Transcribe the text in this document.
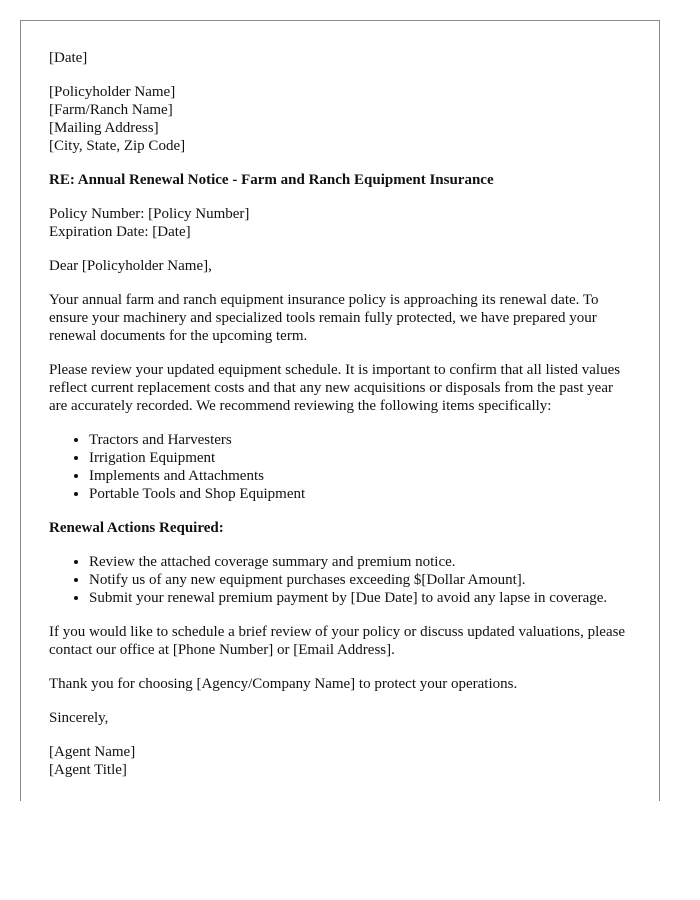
[Date]

[Policyholder Name]
[Farm/Ranch Name]
[Mailing Address]
[City, State, Zip Code]

RE: Annual Renewal Notice - Farm and Ranch Equipment Insurance

Policy Number: [Policy Number]
Expiration Date: [Date]

Dear [Policyholder Name],

Your annual farm and ranch equipment insurance policy is approaching its renewal date. To ensure your machinery and specialized tools remain fully protected, we have prepared your renewal documents for the upcoming term.

Please review your updated equipment schedule. It is important to confirm that all listed values reflect current replacement costs and that any new acquisitions or disposals from the past year are accurately recorded. We recommend reviewing the following items specifically:

• Tractors and Harvesters
• Irrigation Equipment
• Implements and Attachments
• Portable Tools and Shop Equipment

Renewal Actions Required:

• Review the attached coverage summary and premium notice.
• Notify us of any new equipment purchases exceeding $[Dollar Amount].
• Submit your renewal premium payment by [Due Date] to avoid any lapse in coverage.

If you would like to schedule a brief review of your policy or discuss updated valuations, please contact our office at [Phone Number] or [Email Address].

Thank you for choosing [Agency/Company Name] to protect your operations.

Sincerely,

[Agent Name]
[Agent Title]
